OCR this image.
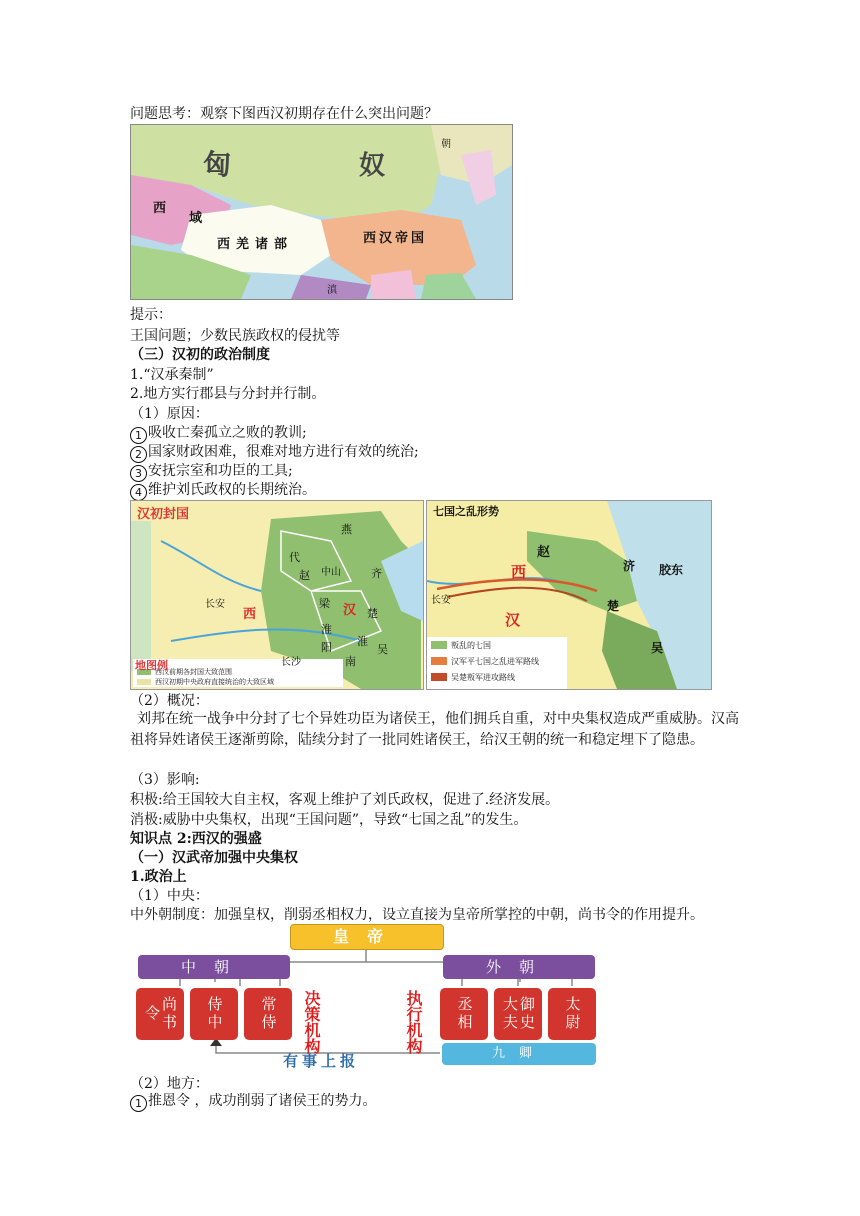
问题思考：观察下图西汉初期存在什么突出问题？
匈	奴
西
域
西羌诸部	西汉帝国
滇
朝
提示：
王国问题；少数民族政权的侵扰等
（三）汉初的政治制度
1.“汉承秦制”
2.地方实行郡县与分封并行制。
（1）原因：
1 吸收亡秦孤立之败的教训;
2 国家财政困难，很难对地方进行有效的统治;
3 安抚宗室和功臣的工具;
4 维护刘氏政权的长期统治。
汉初封国
燕
代
赵 中山	齐
梁
楚
淮
阳 淮
南
吴
长沙
西	汉
长安
地图例
西汉前期各封国大致范围
西汉初期中央政府直接统治的大致区域
七国之乱形势
赵
济 胶东
西
汉
楚
吴
长安
叛乱的七国
汉军平七国之乱进军路线
吴楚叛军进攻路线
（2）概况：
刘邦在统一战争中分封了七个异姓功臣为诸侯王，他们拥兵自重，对中央集权造成严重威胁。汉高祖将异姓诸侯王逐渐剪除，陆续分封了一批同姓诸侯王，给汉王朝的统一和稳定埋下了隐患。
（3）影响:
积极:给王国较大自主权，客观上维护了刘氏政权，促进了.经济发展。
消极:威胁中央集权，出现“王国问题”，导致“七国之乱”的发生。
知识点 2:西汉的强盛
（一）汉武帝加强中央集权
1.政治上
（1）中央：
中外朝制度：加强皇权，削弱丞相权力，设立直接为皇帝所掌控的中朝，尚书令的作用提升。
皇帝
中朝	外朝
尚书令	侍中	常侍	决策机构	执行机构	丞相	御史大夫	太尉
有事上报	九卿
（2）地方：
1 推恩令 ，成功削弱了诸侯王的势力。
